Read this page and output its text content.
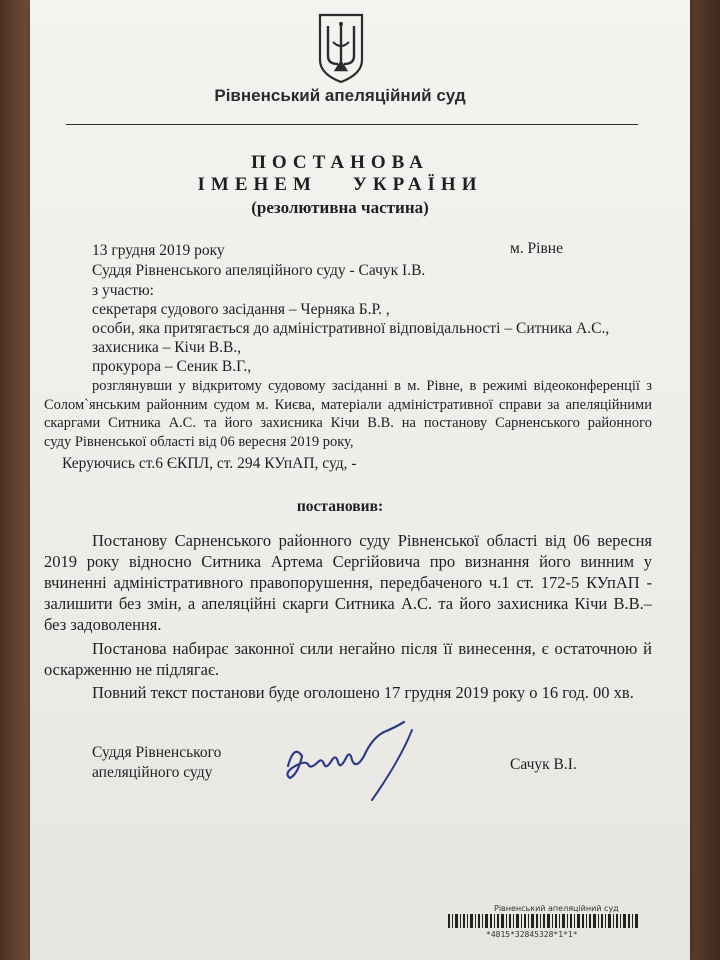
Рівненський апеляційний суд
ПОСТАНОВА
ІМЕНЕМ УКРАЇНИ
(резолютивна частина)
13 грудня 2019 року	м. Рівне
Суддя Рівненського апеляційного суду - Сачук І.В.
з участю:
секретаря судового засідання – Черняка Б.Р. ,
особи, яка притягається до адміністративної відповідальності – Ситника А.С.,
захисника – Кічи В.В.,
прокурора – Сеник В.Г.,
розглянувши у відкритому судовому засіданні в м. Рівне, в режимі відеоконференції з
Солом`янським районним судом м. Києва, матеріали адміністративної справи за апеляційними
скаргами Ситника А.С. та його захисника Кічи В.В. на постанову Сарненського районного
суду Рівненської області від 06 вересня 2019 року,
Керуючись ст.6 ЄКПЛ, ст. 294 КУпАП, суд, -
постановив:
Постанову Сарненського районного суду Рівненської області від 06 вересня
2019 року відносно Ситника Артема Сергійовича про визнання його винним у
вчиненні адміністративного правопорушення, передбаченого ч.1 ст. 172-5 КУпАП -
залишити без змін, а апеляційні скарги Ситника А.С. та його захисника Кічи В.В.–
без задоволення.
Постанова набирає законної сили негайно після її винесення, є остаточною й
оскарженню не підлягає.
Повний текст постанови буде оголошено 17 грудня 2019 року о 16 год. 00 хв.
Суддя Рівненського
апеляційного суду	Сачук В.І.
Рівненський апеляційний суд
*4815*32845328*1*1*
